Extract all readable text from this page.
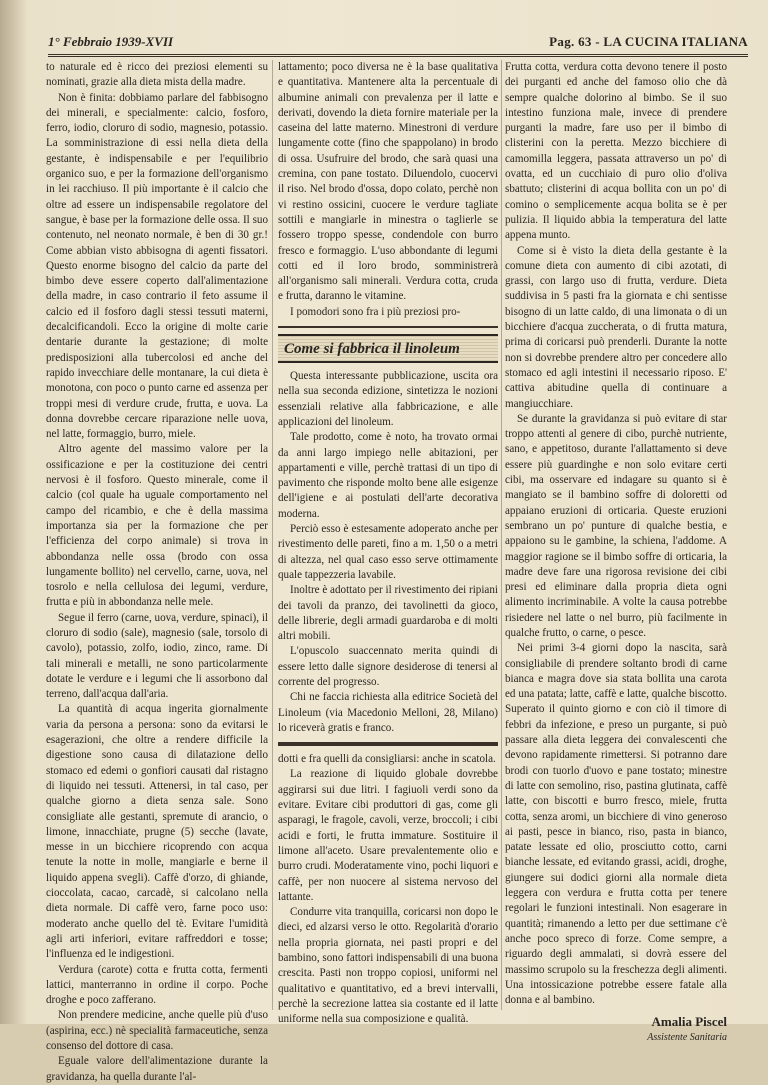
1° Febbraio 1939-XVII	Pag. 63 - LA CUCINA ITALIANA

to naturale ed è ricco dei preziosi elementi su nominati, grazie alla dieta mista della madre.

Non è finita: dobbiamo parlare del fabbisogno dei minerali, e specialmente: calcio, fosforo, ferro, iodio, cloruro di sodio, magnesio, potassio. La somministrazione di essi nella dieta della gestante, è indispensabile e per l'equilibrio organico suo, e per la formazione dell'organismo in lei racchiuso. Il più importante è il calcio che oltre ad essere un indispensabile regolatore del sangue, è base per la formazione delle ossa. Il suo contenuto, nel neonato normale, è ben di 30 gr.! Come abbian visto abbisogna di agenti fissatori. Questo enorme bisogno del calcio da parte del bimbo deve essere coperto dall'alimentazione della madre, in caso contrario il feto assume il calcio ed il fosforo dagli stessi tessuti materni, decalcificandoli. Ecco la origine di molte carie dentarie durante la gestazione; di molte predisposizioni alla tubercolosi ed anche del rapido invecchiare delle montanare, la cui dieta è monotona, con poco o punto carne ed assenza per troppi mesi di verdure crude, frutta, e uova. La donna dovrebbe cercare riparazione nelle uova, nel latte, formaggio, burro, miele.

Altro agente del massimo valore per la ossificazione e per la costituzione dei centri nervosi è il fosforo. Questo minerale, come il calcio (col quale ha uguale comportamento nel campo del ricambio, e che è della massima importanza sia per la formazione che per l'efficienza del corpo animale) si trova in abbondanza nelle ossa (brodo con ossa lungamente bollito) nel cervello, carne, uova, nel tosrolo e nella cellulosa dei legumi, verdure, frutta e più in abbondanza nelle mele.

Segue il ferro (carne, uova, verdure, spinaci), il cloruro di sodio (sale), magnesio (sale, torsolo di cavolo), potassio, zolfo, iodio, zinco, rame. Di tali minerali e metalli, ne sono particolarmente dotate le verdure e i legumi che li assorbono dal terreno, dall'acqua dall'aria.

La quantità di acqua ingerita giornalmente varia da persona a persona: sono da evitarsi le esagerazioni, che oltre a rendere difficile la digestione sono causa di dilatazione dello stomaco ed edemi o gonfiori causati dal ristagno di liquido nei tessuti. Attenersi, in tal caso, per qualche giorno a dieta senza sale. Sono consigliate alle gestanti, spremute di arancio, o limone, innacchiate, prugne (5) secche (lavate, messe in un bicchiere ricoprendo con acqua tenute la notte in molle, mangiarle e berne il liquido appena svegli). Caffè d'orzo, di ghiande, cioccolata, cacao, carcadè, si calcolano nella dieta normale. Di caffè vero, farne poco uso: moderato anche quello del tè. Evitare l'umidità agli arti inferiori, evitare raffreddori e tosse; l'influenza ed le indigestioni.

Verdura (carote) cotta e frutta cotta, fermenti lattici, manterranno in ordine il corpo. Poche droghe e poco zafferano.

Non prendere medicine, anche quelle più d'uso (aspirina, ecc.) nè specialità farmaceutiche, senza consenso del dottore di casa.

Eguale valore dell'alimentazione durante la gravidanza, ha quella durante l'al-

lattamento; poco diversa ne è la base qualitativa e quantitativa. Mantenere alta la percentuale di albumine animali con prevalenza per il latte e derivati, dovendo la dieta fornire materiale per la caseina del latte materno. Minestroni di verdure lungamente cotte (fino che spappolano) in brodo di ossa. Usufruire del brodo, che sarà quasi una cremina, con pane tostato. Diluendolo, cuocervi il riso. Nel brodo d'ossa, dopo colato, perchè non vi restino ossicini, cuocere le verdure tagliate sottili e mangiarle in minestra o taglierle se fossero troppo spesse, condendole con burro fresco e formaggio. L'uso abbondante di legumi cotti ed il loro brodo, somministrerà all'organismo sali minerali. Verdura cotta, cruda e frutta, daranno le vitamine.

I pomodori sono fra i più preziosi pro-

Come si fabbrica il linoleum

Questa interessante pubblicazione, uscita ora nella sua seconda edizione, sintetizza le nozioni essenziali relative alla fabbricazione, e alle applicazioni del linoleum.

Tale prodotto, come è noto, ha trovato ormai da anni largo impiego nelle abitazioni, per appartamenti e ville, perchè trattasi di un tipo di pavimento che risponde molto bene alle esigenze dell'igiene e ai postulati dell'arte decorativa moderna.

Perciò esso è estesamente adoperato anche per rivestimento delle pareti, fino a m. 1,50 o a metri di altezza, nel qual caso esso serve ottimamente quale tappezzeria lavabile.

Inoltre è adottato per il rivestimento dei ripiani dei tavoli da pranzo, dei tavolinetti da gioco, delle librerie, degli armadi guardaroba e di molti altri mobili.

L'opuscolo suaccennato merita quindi di essere letto dalle signore desiderose di tenersi al corrente del progresso.

Chi ne faccia richiesta alla editrice Società del Linoleum (via Macedonio Melloni, 28, Milano) lo riceverà gratis e franco.

dotti e fra quelli da consigliarsi: anche in scatola.

La reazione di liquido globale dovrebbe aggirarsi sui due litri. I fagiuoli verdi sono da evitare. Evitare cibi produttori di gas, come gli asparagi, le fragole, cavoli, verze, broccoli; i cibi acidi e forti, le frutta immature. Sostituire il limone all'aceto. Usare prevalentemente olio e burro crudi. Moderatamente vino, pochi liquori e caffè, per non nuocere al sistema nervoso del lattante.

Condurre vita tranquilla, coricarsi non dopo le dieci, ed alzarsi verso le otto. Regolarità d'orario nella propria giornata, nei pasti propri e del bambino, sono fattori indispensabili di una buona crescita. Pasti non troppo copiosi, uniformi nel qualitativo e quantitativo, ed a brevi intervalli, perchè la secrezione lattea sia costante ed il latte uniforme nella sua composizione e qualità.

Frutta cotta, verdura cotta devono tenere il posto dei purganti ed anche del famoso olio che dà sempre qualche dolorino al bimbo. Se il suo intestino funziona male, invece di prendere purganti la madre, fare uso per il bimbo di clisterini con la peretta. Mezzo bicchiere di camomilla leggera, passata attraverso un po' di ovatta, ed un cucchiaio di puro olio d'oliva sbattuto; clisterini di acqua bollita con un po' di comino o semplicemente acqua bolita se è per pulizia. Il liquido abbia la temperatura del latte appena munto.

Come si è visto la dieta della gestante è la comune dieta con aumento di cibi azotati, di grassi, con largo uso di frutta, verdure. Dieta suddivisa in 5 pasti fra la giornata e chi sentisse bisogno di un latte caldo, di una limonata o di un bicchiere d'acqua zuccherata, o di frutta matura, prima di coricarsi può prenderli. Durante la notte non si dovrebbe prendere altro per concedere allo stomaco ed agli intestini il necessario riposo. E' cattiva abitudine quella di continuare a mangiucchiare.

Se durante la gravidanza si può evitare di star troppo attenti al genere di cibo, purchè nutriente, sano, e appetitoso, durante l'allattamento si deve essere più guardinghe e non solo evitare certi cibi, ma osservare ed indagare su quanto si è mangiato se il bambino soffre di doloretti od appaiano eruzioni di orticaria. Queste eruzioni sembrano un po' punture di qualche bestia, e appaiono su le gambine, la schiena, l'addome. A maggior ragione se il bimbo soffre di orticaria, la madre deve fare una rigorosa revisione dei cibi presi ed eliminare dalla propria dieta ogni alimento incriminabile. A volte la causa potrebbe risiedere nel latte o nel burro, più facilmente in qualche frutto, o carne, o pesce.

Nei primi 3-4 giorni dopo la nascita, sarà consigliabile di prendere soltanto brodi di carne bianca e magra dove sia stata bollita una carota ed una patata; latte, caffè e latte, qualche biscotto. Superato il quinto giorno e con ciò il timore di febbri da infezione, e preso un purgante, si può passare alla dieta leggera dei convalescenti che devono rapidamente rimettersi. Si potranno dare brodi con tuorlo d'uovo e pane tostato; minestre di latte con semolino, riso, pastina glutinata, caffè latte, con biscotti e burro fresco, miele, frutta cotta, senza aromi, un bicchiere di vino generoso ai pasti, pesce in bianco, riso, pasta in bianco, patate lessate ed olio, prosciutto cotto, carni bianche lessate, ed evitando grassi, acidi, droghe, giungere sui dodici giorni alla normale dieta leggera con verdura e frutta cotta per tenere regolari le funzioni intestinali. Non esagerare in quantità; rimanendo a letto per due settimane c'è anche poco spreco di forze. Come sempre, a riguardo degli ammalati, si dovrà essere del massimo scrupolo su la freschezza degli alimenti. Una intossicazione potrebbe essere fatale alla donna e al bambino.

Amalia Piscel
Assistente Sanitaria
